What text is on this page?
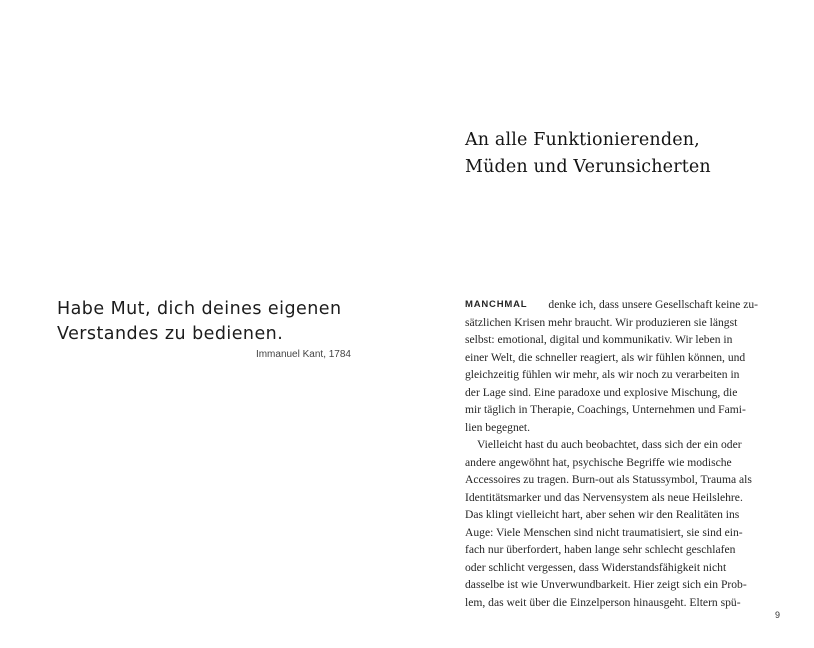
Habe Mut, dich deines eigenen
Verstandes zu bedienen.
Immanuel Kant, 1784
An alle Funktionierenden,
Müden und Verunsicherten
MANCHMAL denke ich, dass unsere Gesellschaft keine zu-
sätzlichen Krisen mehr braucht. Wir produzieren sie längst
selbst: emotional, digital und kommunikativ. Wir leben in
einer Welt, die schneller reagiert, als wir fühlen können, und
gleichzeitig fühlen wir mehr, als wir noch zu verarbeiten in
der Lage sind. Eine paradoxe und explosive Mischung, die
mir täglich in Therapie, Coachings, Unternehmen und Fami-
lien begegnet.
Vielleicht hast du auch beobachtet, dass sich der ein oder
andere angewöhnt hat, psychische Begriffe wie modische
Accessoires zu tragen. Burn-out als Statussymbol, Trauma als
Identitätsmarker und das Nervensystem als neue Heilslehre.
Das klingt vielleicht hart, aber sehen wir den Realitäten ins
Auge: Viele Menschen sind nicht traumatisiert, sie sind ein-
fach nur überfordert, haben lange sehr schlecht geschlafen
oder schlicht vergessen, dass Widerstandsfähigkeit nicht
dasselbe ist wie Unverwundbarkeit. Hier zeigt sich ein Prob-
lem, das weit über die Einzelperson hinausgeht. Eltern spü-
9
